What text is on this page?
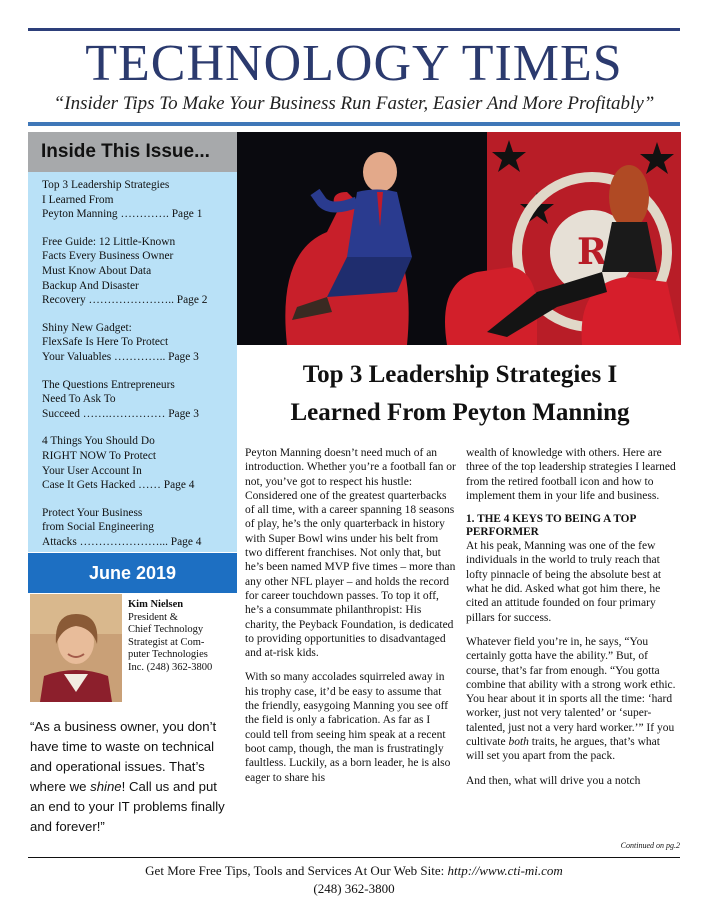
TECHNOLOGY TIMES
“Insider Tips To Make Your Business Run Faster, Easier And More Profitably”
Inside This Issue...
Top 3 Leadership Strategies
I Learned From
Peyton Manning …………. Page 1
Free Guide: 12 Little-Known
Facts Every Business Owner
Must Know About Data
Backup And Disaster
Recovery ………………….. Page 2
Shiny New Gadget:
FlexSafe Is Here To Protect
Your Valuables ………….. Page 3
The Questions Entrepreneurs
Need To Ask To
Succeed …….…………… Page 3
4 Things You Should Do
RIGHT NOW To Protect
Your User Account In
Case It Gets Hacked …… Page 4
Protect Your Business
from Social Engineering
Attacks …………………... Page 4
June 2019
Kim Nielsen
President &
Chief Technology
Strategist at Com-
puter Technologies
Inc. (248) 362-3800
“As a business owner, you don’t have time to waste on technical and operational issues. That’s where we shine! Call us and put an end to your IT problems finally and forever!”
R
Top 3 Leadership Strategies I
Learned From Peyton Manning

Peyton Manning doesn’t need much of an introduction. Whether you’re a football fan or not, you’ve got to respect his hustle: Considered one of the greatest quarterbacks of all time, with a career spanning 18 seasons of play, he’s the only quarterback in history with Super Bowl wins under his belt from two different franchises. Not only that, but he’s been named MVP five times – more than any other NFL player – and holds the record for career touchdown passes. To top it off, he’s a consummate philanthropist: His charity, the Peyback Foundation, is dedicated to providing opportunities to disadvantaged and at-risk kids.

With so many accolades squirreled away in his trophy case, it’d be easy to assume that the friendly, easygoing Manning you see off the field is only a fabrication. As far as I could tell from seeing him speak at a recent boot camp, though, the man is frustratingly faultless. Luckily, as a born leader, he is also eager to share his

wealth of knowledge with others. Here are three of the top leadership strategies I learned from the retired football icon and how to implement them in your life and business.

1. THE 4 KEYS TO BEING A TOP PERFORMER

At his peak, Manning was one of the few individuals in the world to truly reach that lofty pinnacle of being the absolute best at what he did. Asked what got him there, he cited an attitude founded on four primary pillars for success.

Whatever field you’re in, he says, “You certainly gotta have the ability.” But, of course, that’s far from enough. “You gotta combine that ability with a strong work ethic. You hear about it in sports all the time: ‘hard worker, just not very talented’ or ‘super-talented, just not a very hard worker.’” If you cultivate both traits, he argues, that’s what will set you apart from the pack.

And then, what will drive you a notch

Continued on pg.2
Get More Free Tips, Tools and Services At Our Web Site: http://www.cti-mi.com
(248) 362-3800
